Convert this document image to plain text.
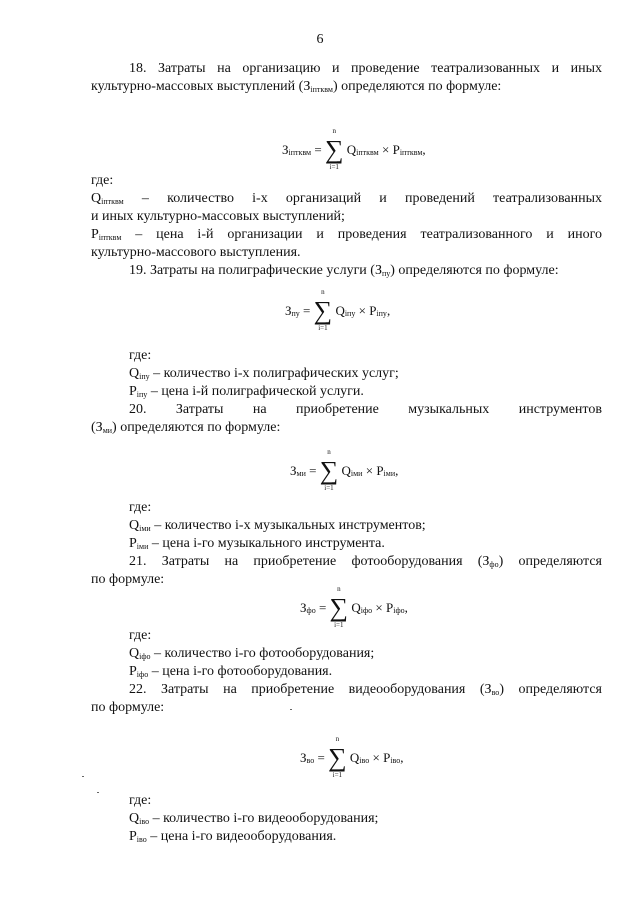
6
18. Затраты на организацию и проведение театрализованных и иных
культурно-массовых выступлений $(З_{iптквм})$ определяются по формуле:
$З_{iптквм}$ = ∑
n
i=1
$Q_{iптквм} \times P_{iптквм}$,
где:
$Q_{iптквм}$ – количество i-х организаций и проведений театрализованных
и иных культурно-массовых выступлений;
$P_{iптквм}$ – цена i-й организации и проведения театрализованного и иного
культурно-массового выступления.
19. Затраты на полиграфические услуги $(З_{пу})$ определяются по формуле:
$З_{пу}$ = ∑
n
i=1
$Q_{iпу} \times P_{iпу}$,
где:
$Q_{iпу}$ – количество i-х полиграфических услуг;
$P_{iпу}$ – цена i-й полиграфической услуги.
20. Затраты на приобретение музыкальных инструментов
$(З_{ми})$ определяются по формуле:
$З_{ми}$ = ∑
n
i=1
$Q_{iми} \times P_{iми}$,
где:
$Q_{iми}$ – количество i-х музыкальных инструментов;
$P_{iми}$ – цена i-го музыкального инструмента.
21. Затраты на приобретение фотооборудования $(З_{фо})$ определяются
по формуле:
$З_{фо}$ = ∑
n
i=1
$Q_{iфо} \times P_{iфо}$,
где:
$Q_{iфо}$ – количество i-го фотооборудования;
$P_{iфо}$ – цена i-го фотооборудования.
22. Затраты на приобретение видеооборудования $(З_{во})$ определяются
по формуле:
$З_{во}$ = ∑
n
i=1
$Q_{iво} \times P_{iво}$,
где:
$Q_{iво}$ – количество i-го видеооборудования;
$P_{iво}$ – цена i-го видеооборудования.
